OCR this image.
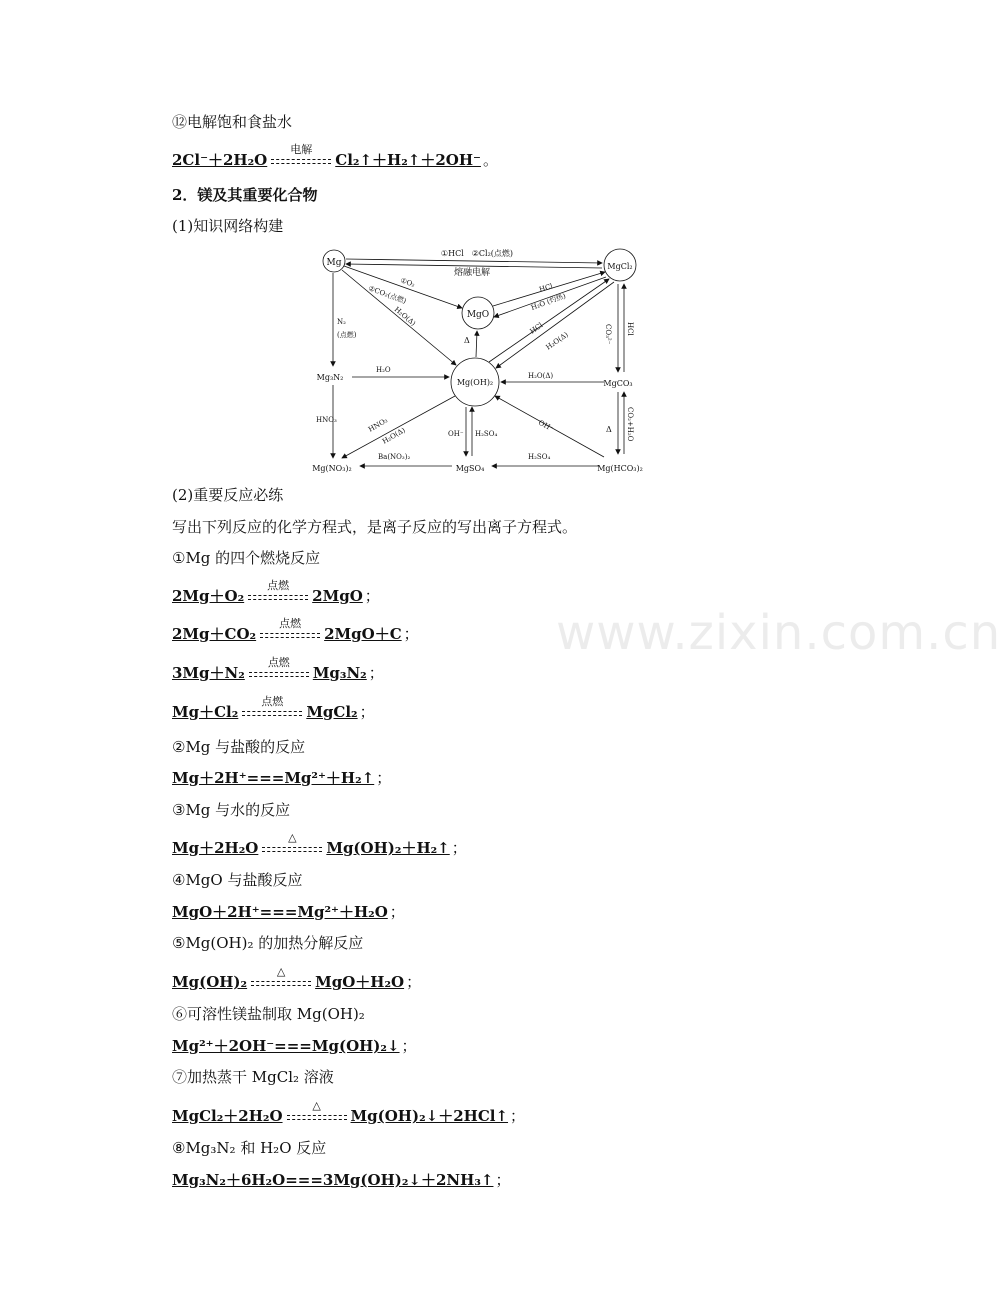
⑫电解饱和食盐水
2Cl⁻＋2H₂O
电解
Cl₂↑＋H₂↑＋2OH⁻ 。
2．镁及其重要化合物
(1)知识网络构建
Mg	MgCl₂
MgO
Mg(OH)₂
Mg₃N₂
MgCO₃
Mg(NO₃)₂	MgSO₄	Mg(HCO₃)₂
①HCl　②Cl₂(点燃)
熔融电解
①O₂
②CO₂(点燃)
H₂O(Δ)
N₂
(点燃)
HCl
H₂O (灼热)
HCl
H₂O(Δ)
Δ
H₂O
H₂O(Δ)
CO₃²⁻ HCl
HNO₃	HNO₃
H₂O(Δ)	OH⁻ H₂SO₄
OH⁻	CO₂+H₂O
Δ
Ba(NO₃)₂	H₂SO₄
(2)重要反应必练
写出下列反应的化学方程式，是离子反应的写出离子方程式。
①Mg 的四个燃烧反应
2Mg＋O₂
点燃
2MgO ；
2Mg＋CO₂
点燃
2MgO＋C ；
3Mg＋N₂
点燃
Mg₃N₂ ；
Mg＋Cl₂
点燃
MgCl₂ ；
②Mg 与盐酸的反应
Mg＋2H⁺===Mg²⁺＋H₂↑ ；
③Mg 与水的反应
Mg＋2H₂O
△
Mg(OH)₂＋H₂↑ ；
④MgO 与盐酸反应
MgO＋2H⁺===Mg²⁺＋H₂O ；
⑤Mg(OH)₂ 的加热分解反应
Mg(OH)₂
△
MgO＋H₂O ；
⑥可溶性镁盐制取 Mg(OH)₂
Mg²⁺＋2OH⁻===Mg(OH)₂↓ ；
⑦加热蒸干 MgCl₂ 溶液
MgCl₂＋2H₂O
△
Mg(OH)₂↓＋2HCl↑ ；
⑧Mg₃N₂ 和 H₂O 反应
Mg₃N₂＋6H₂O===3Mg(OH)₂↓＋2NH₃↑ ；
www.zixin.com.cn
